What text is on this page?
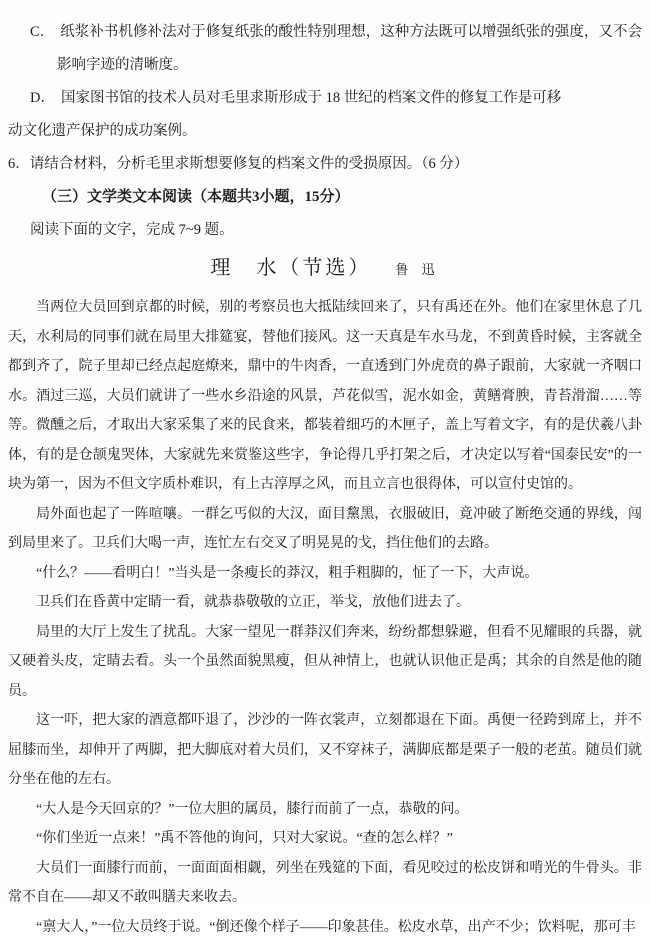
C． 纸浆补书机修补法对于修复纸张的酸性特别理想，这种方法既可以增强纸张的强度，又不会影响字迹的清晰度。
D． 国家图书馆的技术人员对毛里求斯形成于 18 世纪的档案文件的修复工作是可移
动文化遗产保护的成功案例。
6．请结合材料，分析毛里求斯想要修复的档案文件的受损原因。（6 分）
（三）文学类文本阅读（本题共3小题，15分）
阅读下面的文字，完成 7~9 题。
理　水（节选） 鲁 迅

当两位大员回到京都的时候，别的考察员也大抵陆续回来了，只有禹还在外。他们在家里休息了几天，水利局的同事们就在局里大排筵宴，替他们接风。这一天真是车水马龙，不到黄昏时候，主客就全都到齐了，院子里却已经点起庭燎来，鼎中的牛肉香，一直透到门外虎贲的鼻子跟前，大家就一齐咽口水。酒过三巡，大员们就讲了一些水乡沿途的风景，芦花似雪，泥水如金，黄鳝膏腴，青苔滑溜……等等。微醺之后，才取出大家采集了来的民食来，都装着细巧的木匣子，盖上写着文字，有的是伏羲八卦体，有的是仓颉鬼哭体，大家就先来赏鉴这些字，争论得几乎打架之后，才决定以写着“国泰民安”的一块为第一，因为不但文字质朴难识，有上古淳厚之风，而且立言也很得体，可以宣付史馆的。

局外面也起了一阵喧嚷。一群乞丐似的大汉，面目黧黑，衣服破旧，竟冲破了断绝交通的界线，闯到局里来了。卫兵们大喝一声，连忙左右交叉了明晃晃的戈，挡住他们的去路。

“什么？——看明白！”当头是一条瘦长的莽汉，粗手粗脚的，怔了一下，大声说。

卫兵们在昏黄中定睛一看，就恭恭敬敬的立正，举戈，放他们进去了。

局里的大厅上发生了扰乱。大家一望见一群莽汉们奔来，纷纷都想躲避，但看不见耀眼的兵器，就又硬着头皮，定睛去看。头一个虽然面貌黑瘦，但从神情上，也就认识他正是禹；其余的自然是他的随员。

这一吓，把大家的酒意都吓退了，沙沙的一阵衣裳声，立刻都退在下面。禹便一径跨到席上，并不屈膝而坐，却伸开了两脚，把大脚底对着大员们，又不穿袜子，满脚底都是栗子一般的老茧。随员们就分坐在他的左右。

“大人是今天回京的？”一位大胆的属员，膝行而前了一点，恭敬的问。

“你们坐近一点来！”禹不答他的询问，只对大家说。“查的怎么样？”

大员们一面膝行而前，一面面面相觑，列坐在残筵的下面，看见咬过的松皮饼和啃光的牛骨头。非常不自在——却又不敢叫膳夫来收去。

“禀大人，”一位大员终于说。“倒还像个样子——印象甚佳。松皮水草，出产不少；饮料呢，那可丰
